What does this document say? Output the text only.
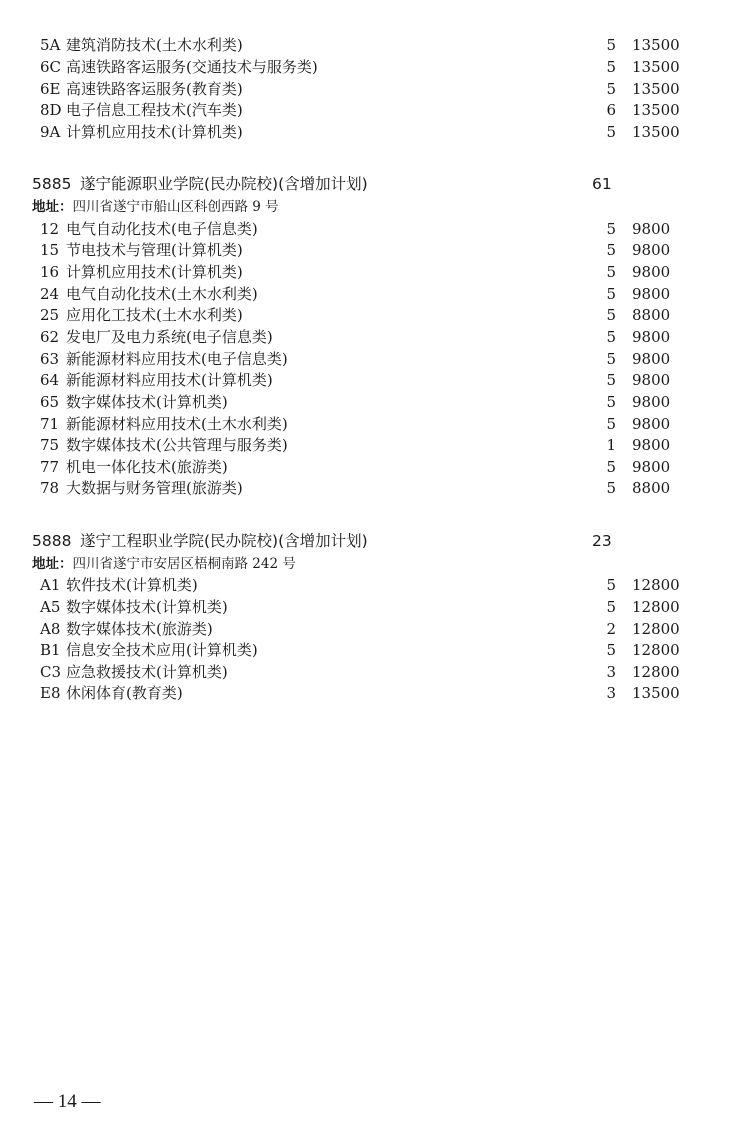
5A 建筑消防技术(土木水利类)	5 13500
6C 高速铁路客运服务(交通技术与服务类)	5 13500
6E 高速铁路客运服务(教育类)	5 13500
8D 电子信息工程技术(汽车类)	6 13500
9A 计算机应用技术(计算机类)	5 13500
5885 遂宁能源职业学院(民办院校)(含增加计划)	61
地址：四川省遂宁市船山区科创西路 9 号
12 电气自动化技术(电子信息类)	5 9800
15 节电技术与管理(计算机类)	5 9800
16 计算机应用技术(计算机类)	5 9800
24 电气自动化技术(土木水利类)	5 9800
25 应用化工技术(土木水利类)	5 8800
62 发电厂及电力系统(电子信息类)	5 9800
63 新能源材料应用技术(电子信息类)	5 9800
64 新能源材料应用技术(计算机类)	5 9800
65 数字媒体技术(计算机类)	5 9800
71 新能源材料应用技术(土木水利类)	5 9800
75 数字媒体技术(公共管理与服务类)	1 9800
77 机电一体化技术(旅游类)	5 9800
78 大数据与财务管理(旅游类)	5 8800
5888 遂宁工程职业学院(民办院校)(含增加计划)	23
地址：四川省遂宁市安居区梧桐南路 242 号
A1 软件技术(计算机类)	5 12800
A5 数字媒体技术(计算机类)	5 12800
A8 数字媒体技术(旅游类)	2 12800
B1 信息安全技术应用(计算机类)	5 12800
C3 应急救援技术(计算机类)	3 12800
E8 休闲体育(教育类)	3 13500
— 14 —
